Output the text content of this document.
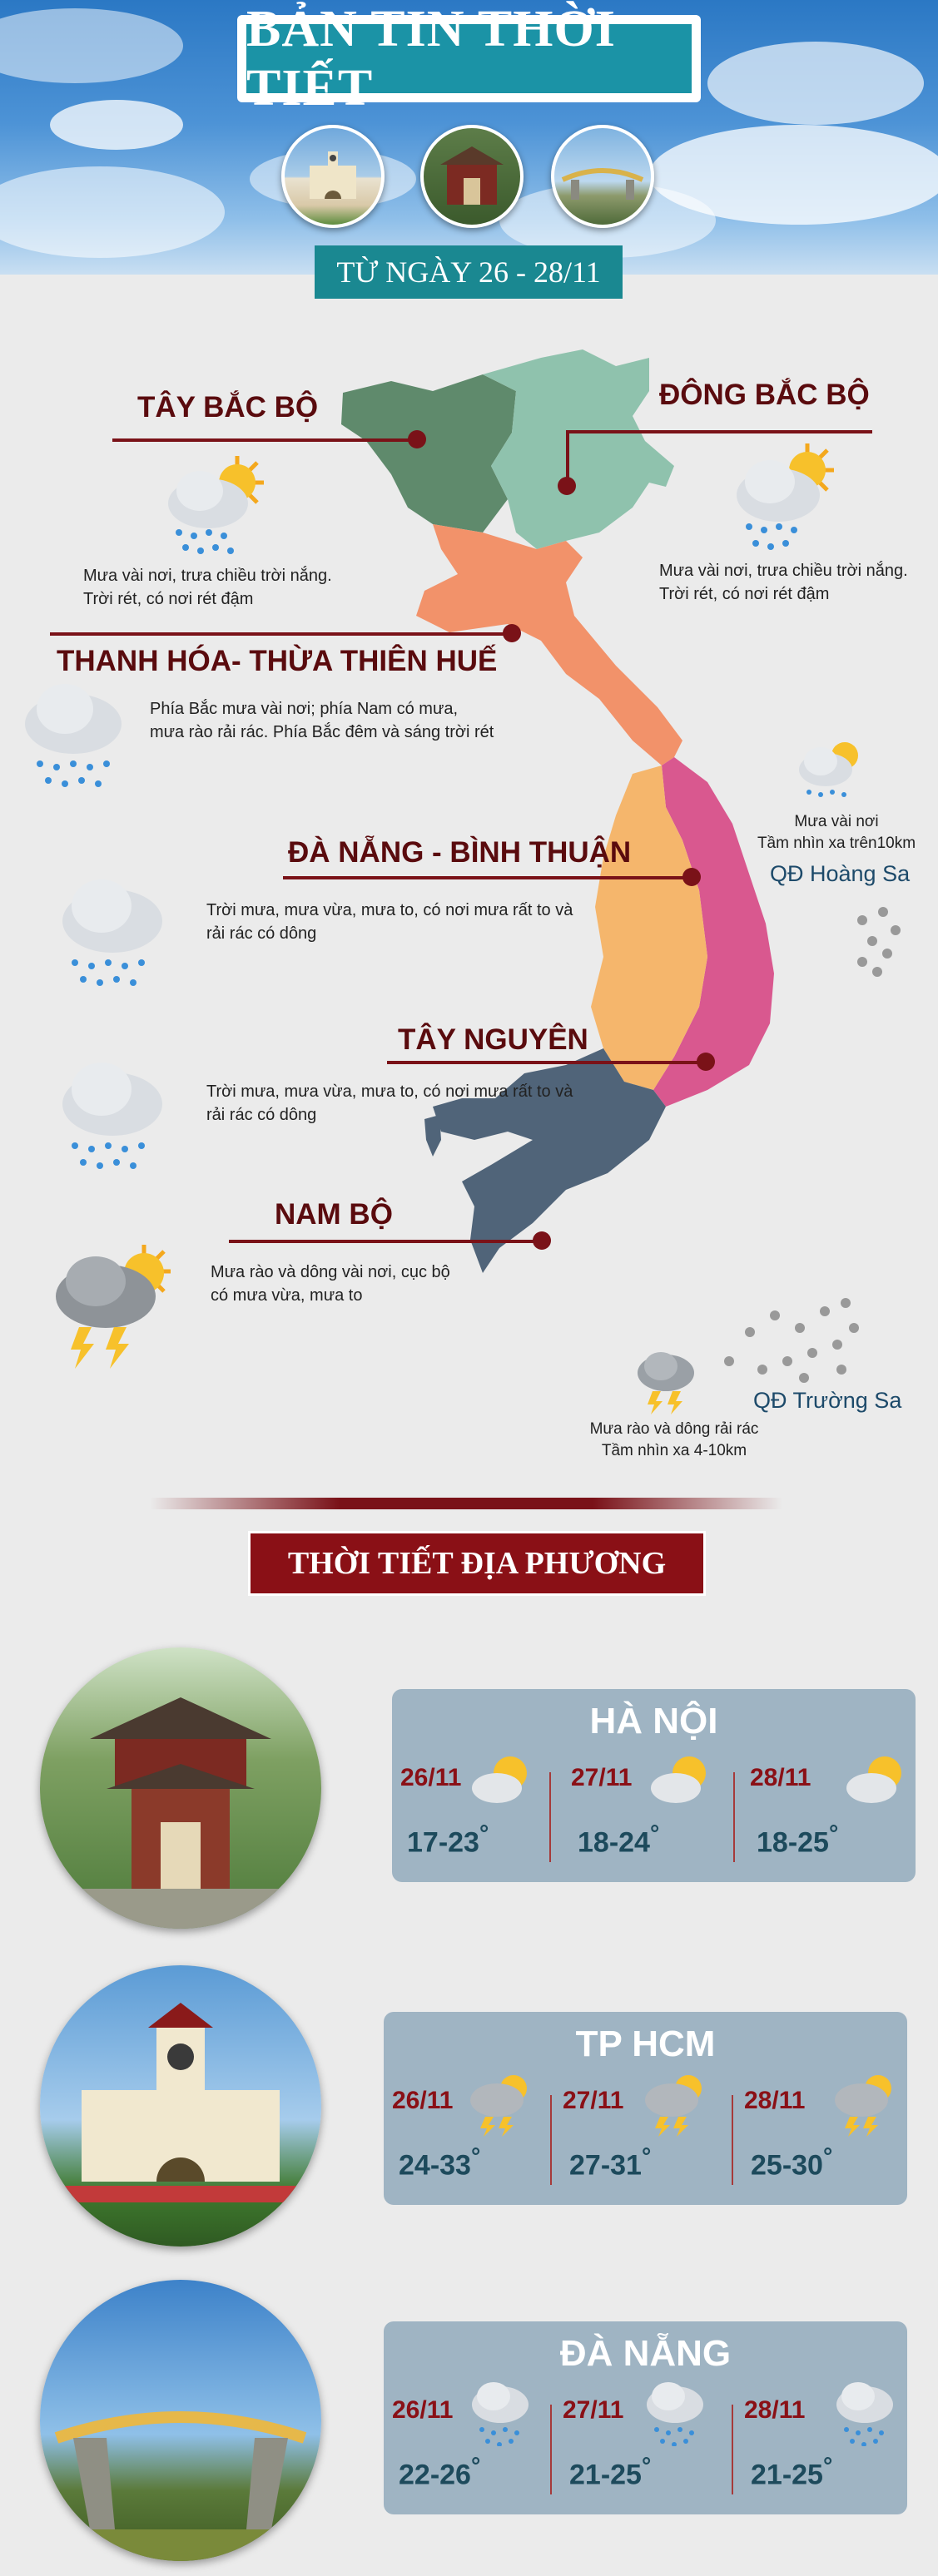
BẢN TIN THỜI TIẾT
TỪ NGÀY 26 - 28/11
TÂY BẮC BỘ
Mưa vài nơi, trưa chiều trời nắng.
Trời rét, có nơi rét đậm
ĐÔNG BẮC BỘ
Mưa vài nơi, trưa chiều trời nắng.
Trời rét, có nơi rét đậm
THANH HÓA- THỪA THIÊN HUẾ
Phía Bắc mưa vài nơi; phía Nam có mưa,
mưa rào rải rác. Phía Bắc đêm và sáng trời rét
ĐÀ NẴNG - BÌNH THUẬN
Trời mưa, mưa vừa, mưa to, có nơi mưa rất to và
rải rác có dông
TÂY NGUYÊN
Trời mưa, mưa vừa, mưa to, có nơi mưa rất to và
rải rác có dông
NAM BỘ
Mưa rào và dông vài nơi, cục bộ
có mưa vừa, mưa to
Mưa vài nơi
Tầm nhìn xa trên10km
QĐ Hoàng Sa
QĐ Trường Sa
Mưa rào và dông rải rác
Tầm nhìn xa 4-10km
THỜI TIẾT ĐỊA PHƯƠNG
HÀ NỘI
26/11
17-23°
27/11
18-24°
28/11
18-25°
TP HCM
26/11
24-33°
27/11
27-31°
28/11
25-30°
ĐÀ NẴNG
26/11
22-26°
27/11
21-25°
28/11
21-25°
